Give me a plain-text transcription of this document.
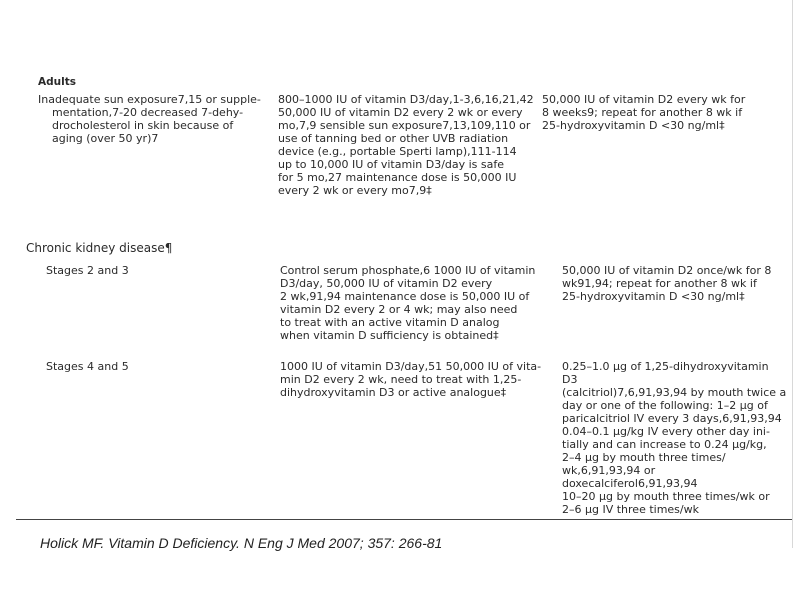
Adults
Inadequate sun exposure7,15 or supple-
mentation,7-20 decreased 7-dehy-
drocholesterol in skin because of
aging (over 50 yr)7
800–1000 IU of vitamin D3/day,1-3,6,16,21,42
50,000 IU of vitamin D2 every 2 wk or every
mo,7,9 sensible sun exposure7,13,109,110 or
use of tanning bed or other UVB radiation
device (e.g., portable Sperti lamp),111-114
up to 10,000 IU of vitamin D3/day is safe
for 5 mo,27 maintenance dose is 50,000 IU
every 2 wk or every mo7,9‡
50,000 IU of vitamin D2 every wk for
8 weeks9; repeat for another 8 wk if
25-hydroxyvitamin D <30 ng/ml‡
Chronic kidney disease¶
Stages 2 and 3	Control serum phosphate,6 1000 IU of vitamin
D3/day, 50,000 IU of vitamin D2 every
2 wk,91,94 maintenance dose is 50,000 IU of
vitamin D2 every 2 or 4 wk; may also need
to treat with an active vitamin D analog
when vitamin D sufficiency is obtained‡
50,000 IU of vitamin D2 once/wk for 8
wk91,94; repeat for another 8 wk if
25-hydroxyvitamin D <30 ng/ml‡
Stages 4 and 5	1000 IU of vitamin D3/day,51 50,000 IU of vita-
min D2 every 2 wk, need to treat with 1,25-
dihydroxyvitamin D3 or active analogue‡
0.25–1.0 μg of 1,25-dihydroxyvitamin D3
(calcitriol)7,6,91,93,94 by mouth twice a
day or one of the following: 1–2 μg of
paricalcitriol IV every 3 days,6,91,93,94
0.04–0.1 μg/kg IV every other day ini-
tially and can increase to 0.24 μg/kg,
2–4 μg by mouth three times/
wk,6,91,93,94 or doxecalciferol6,91,93,94
10–20 μg by mouth three times/wk or
2–6 μg IV three times/wk
Holick MF. Vitamin D Deficiency. N Eng J Med 2007; 357: 266-81
